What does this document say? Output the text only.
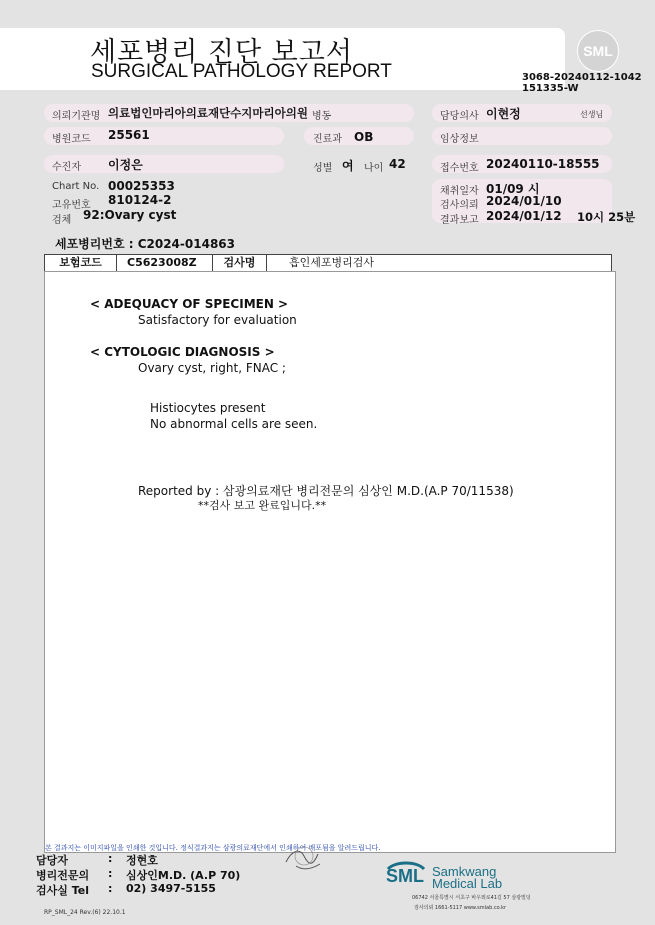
세포병리 진단 보고서
SURGICAL PATHOLOGY REPORT
SML
3068-20240112-1042
151335-W
의뢰기관명 의료법인마리아의료재단수지마리아의원 병동	담당의사 이현정	선생님
병원코드 25561	진료과 OB	임상정보
수진자 이정은	성별 여 나이 42	접수번호 20240110-18555
Chart No. 00025353
고유번호 810124-2
검체 92:Ovary cyst
채취일자 01/09 시
검사의뢰 2024/01/10
결과보고 2024/01/12 10시 25분
세포병리번호 : C2024-014863
보험코드	C5623008Z	검사명	흡인세포병리검사
< ADEQUACY OF SPECIMEN >
Satisfactory for evaluation
< CYTOLOGIC DIAGNOSIS >
Ovary cyst, right, FNAC ;
Histiocytes present
No abnormal cells are seen.
Reported by : 삼광의료재단 병리전문의 심상인 M.D.(A.P 70/11538)
**검사 보고 완료입니다.**
본 결과지는 이미지파일을 인쇄한 것입니다. 정식결과지는 삼광의료재단에서 인쇄하여 배포됨을 알려드립니다.
담당자	: 정현호
병리전문의 : 심상인M.D. (A.P 70)
검사실 Tel : 02) 3497-5155
SML Samkwang
Medical Lab
06742 서울특별시 서초구 바우뫼로41길 57 삼광빌딩
검사의뢰 1661-5117 www.smlab.co.kr
RP_SML_24 Rev.(6) 22.10.1
